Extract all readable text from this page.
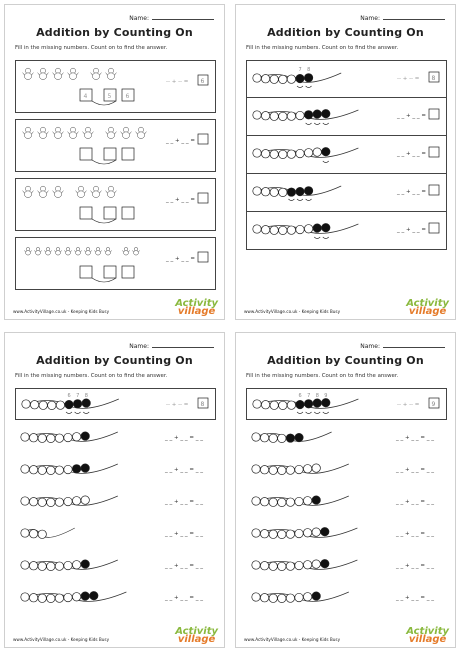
Name:
Addition by Counting On
Fill in the missing numbers. Count on to find the answer.
4	5 6
‐‐ + ‐‐ = 6
_ _ + _ _ =
_ _ + _ _ =
_ _ + _ _ =
www.ActivityVillage.co.uk - Keeping Kids Busy
Activity
village
Name:
Addition by Counting On
Fill in the missing numbers. Count on to find the answer.
7 8
‐‐ + ‐‐ = 8
_ _ + _ _ =
_ _ + _ _ =
_ _ + _ _ =
_ _ + _ _ =
www.ActivityVillage.co.uk - Keeping Kids Busy
Activity
village
Name:
Addition by Counting On
Fill in the missing numbers. Count on to find the answer.
6 7 8
‐‐ + ‐‐ = 8
_ _ + _ _ = _ _
_ _ + _ _ = _ _
_ _ + _ _ = _ _
_ _ + _ _ = _ _
_ _ + _ _ = _ _
_ _ + _ _ = _ _
www.ActivityVillage.co.uk - Keeping Kids Busy
Activity
village
Name:
Addition by Counting On
Fill in the missing numbers. Count on to find the answer.
6 7 8 9
‐‐ + ‐‐ = 9
_ _ + _ _ = _ _
_ _ + _ _ = _ _
_ _ + _ _ = _ _
_ _ + _ _ = _ _
_ _ + _ _ = _ _
_ _ + _ _ = _ _
www.ActivityVillage.co.uk - Keeping Kids Busy
Activity
village
